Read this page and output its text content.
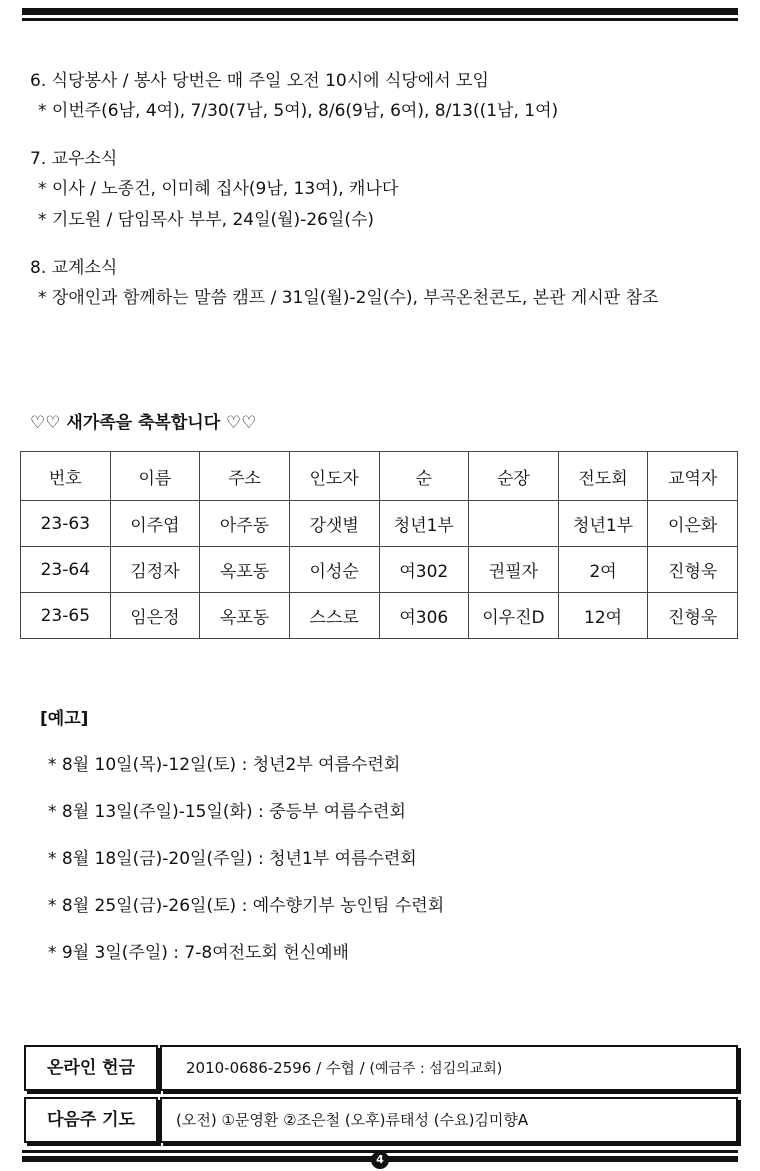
6. 식당봉사 / 봉사 당번은 매 주일 오전 10시에 식당에서 모임
* 이번주(6남, 4여), 7/30(7남, 5여), 8/6(9남, 6여), 8/13((1남, 1여)
7. 교우소식
* 이사 / 노종건, 이미혜 집사(9남, 13여), 캐나다
* 기도원 / 담임목사 부부, 24일(월)-26일(수)
8. 교계소식
* 장애인과 함께하는 말씀 캠프 / 31일(월)-2일(수), 부곡온천콘도, 본관 게시판 참조
♡♡ 새가족을 축복합니다 ♡♡
번호	이름	주소	인도자	순	순장	전도회	교역자
23-63	이주엽	아주동	강샛별	청년1부		청년1부	이은화
23-64	김정자	옥포동	이성순	여302	권필자	2여	진형욱
23-65	임은정	옥포동	스스로	여306	이우진D	12여	진형욱
[예고]
* 8월 10일(목)-12일(토) : 청년2부 여름수련회
* 8월 13일(주일)-15일(화) : 중등부 여름수련회
* 8월 18일(금)-20일(주일) : 청년1부 여름수련회
* 8월 25일(금)-26일(토) : 예수향기부 농인팀 수련회
* 9월 3일(주일) : 7-8여전도회 헌신예배
온라인 헌금	2010-0686-2596 / 수협 / (예금주 : 섬김의교회)
다음주 기도	(오전) ①문영환 ②조은철 (오후)류태성 (수요)김미향A
4
